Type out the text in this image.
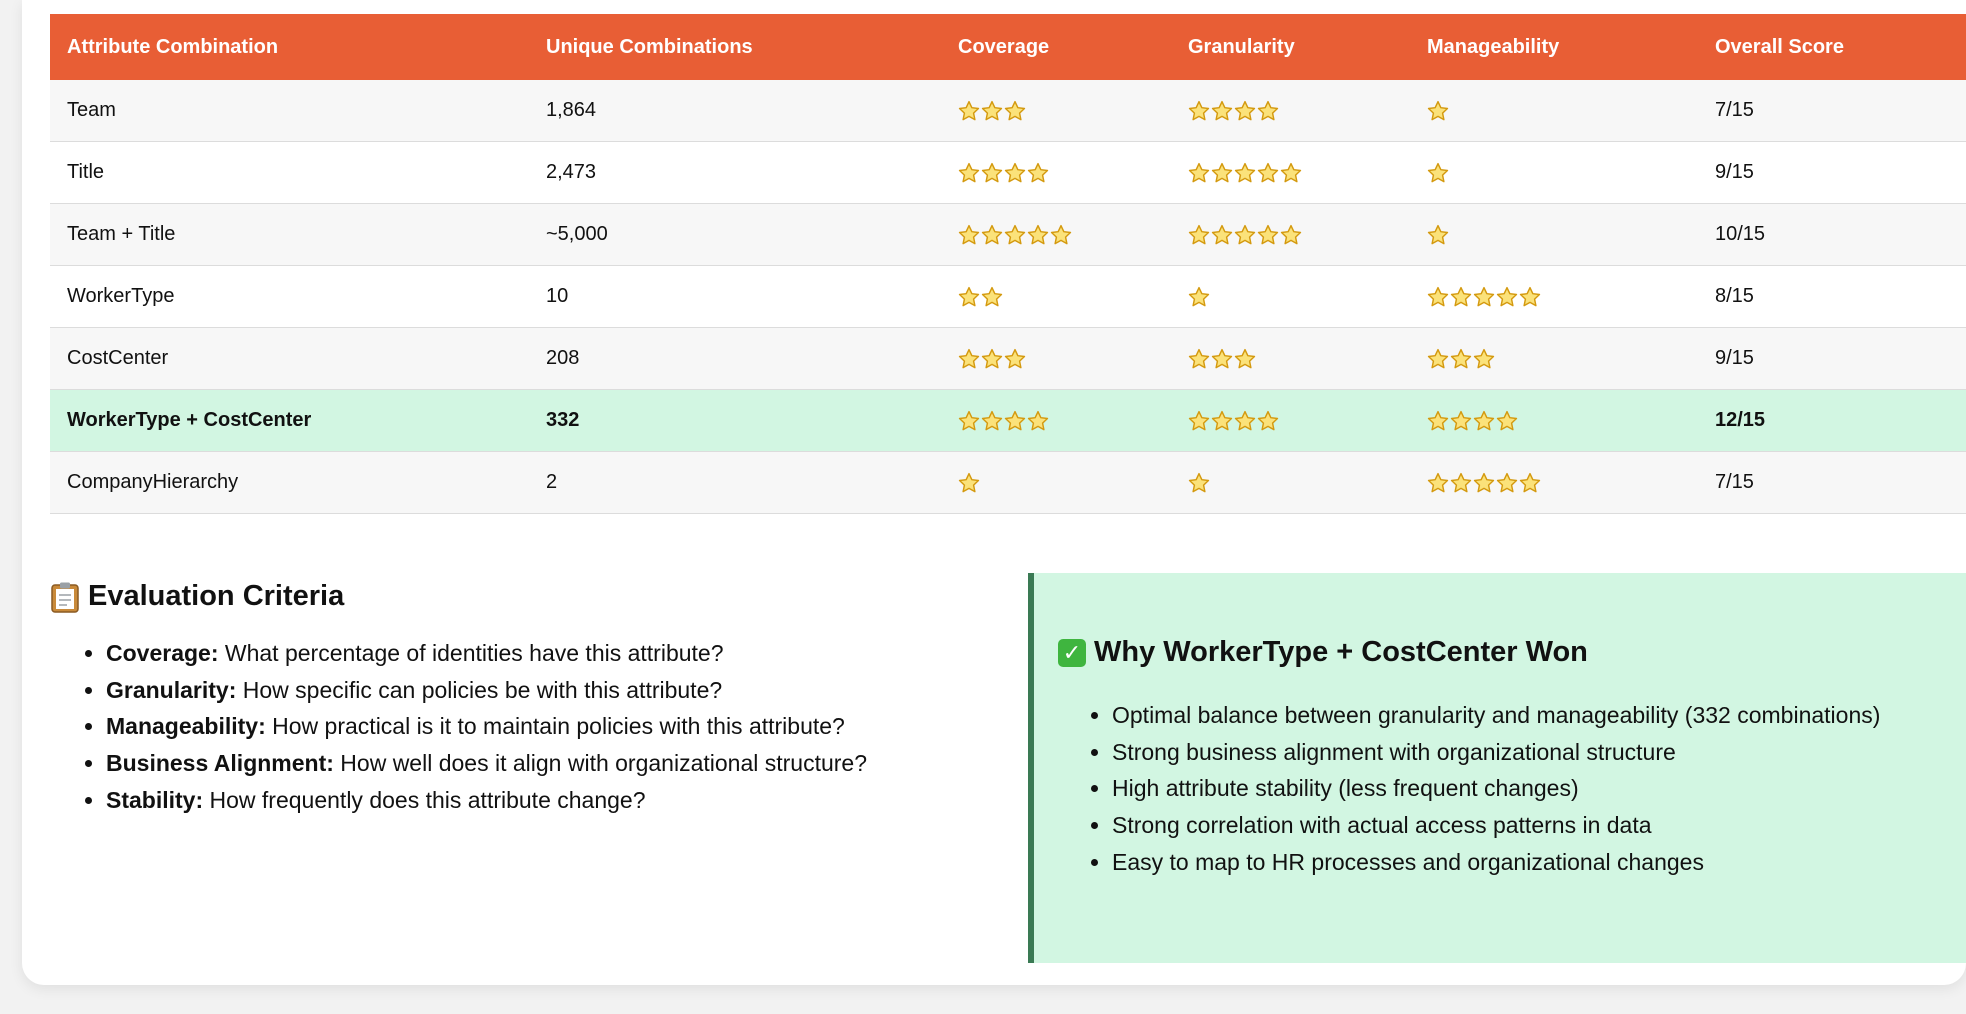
Attribute Combination	Unique Combinations	Coverage	Granularity	Manageability	Overall Score
Team	1,864				7/15
Title	2,473				9/15
Team + Title	~5,000				10/15
WorkerType	10				8/15
CostCenter	208				9/15
WorkerType + CostCenter	332				12/15
CompanyHierarchy	2				7/15
Evaluation Criteria
• Coverage: What percentage of identities have this attribute?
• Granularity: How specific can policies be with this attribute?
• Manageability: How practical is it to maintain policies with this attribute?
• Business Alignment: How well does it align with organizational structure?
• Stability: How frequently does this attribute change?
✓ Why WorkerType + CostCenter Won
• Optimal balance between granularity and manageability (332 combinations)
• Strong business alignment with organizational structure
• High attribute stability (less frequent changes)
• Strong correlation with actual access patterns in data
• Easy to map to HR processes and organizational changes
